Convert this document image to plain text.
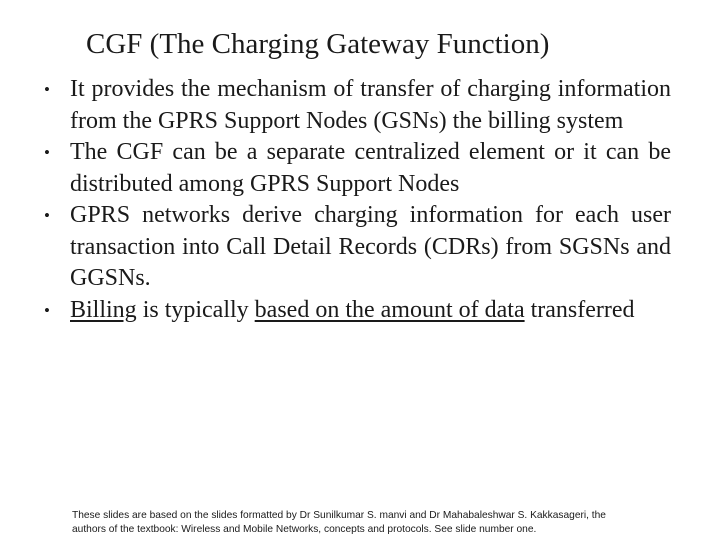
CGF (The Charging Gateway Function)
• It provides the mechanism of transfer of charging information from the GPRS Support Nodes (GSNs) the billing system
• The CGF can be a separate centralized element or it can be distributed among GPRS Support Nodes
• GPRS networks derive charging information for each user transaction into Call Detail Records (CDRs) from SGSNs and GGSNs.
• Billing is typically based on the amount of data transferred
These slides are based on the slides formatted by Dr Sunilkumar S. manvi and Dr Mahabaleshwar S. Kakkasageri, the
authors of the textbook: Wireless and Mobile Networks, concepts and protocols. See slide number one.
